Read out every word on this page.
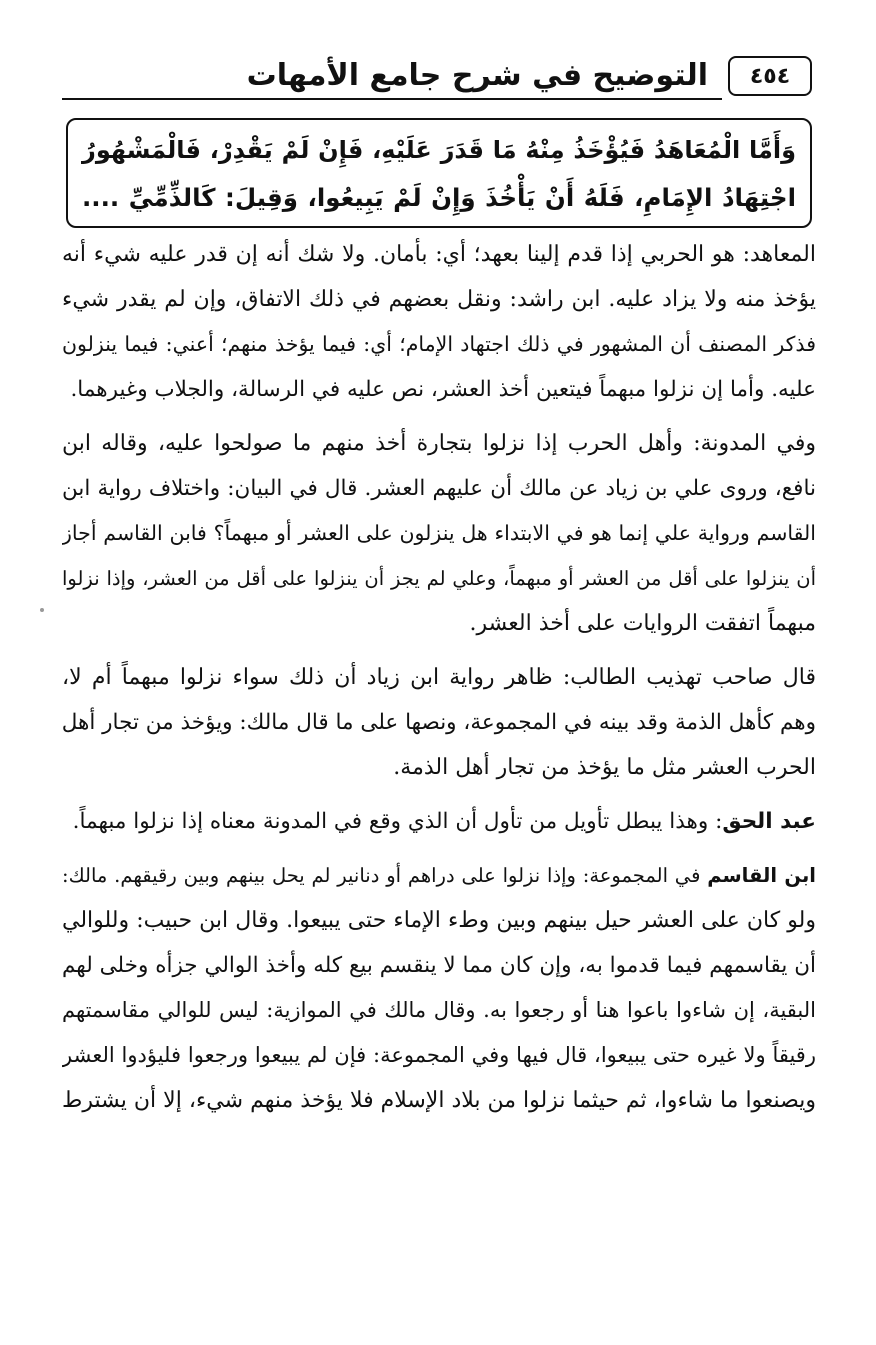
٤٥٤
التوضيح في شرح جامع الأمهات
وَأَمَّا الْمُعَاهَدُ فَيُؤْخَذُ مِنْهُ مَا قَدَرَ عَلَيْهِ، فَإِنْ لَمْ يَقْدِرْ، فَالْمَشْهُورُ
اجْتِهَادُ الإِمَامِ، فَلَهُ أَنْ يَأْخُذَ وَإِنْ لَمْ يَبِيعُوا، وَقِيلَ: كَالذِّمِّيِّ ....
المعاهد: هو الحربي إذا قدم إلينا بعهد؛ أي: بأمان. ولا شك أنه إن قدر عليه شيء أنه
يؤخذ منه ولا يزاد عليه. ابن راشد: ونقل بعضهم في ذلك الاتفاق، وإن لم يقدر شيء
فذكر المصنف أن المشهور في ذلك اجتهاد الإمام؛ أي: فيما يؤخذ منهم؛ أعني: فيما ينزلون
عليه. وأما إن نزلوا مبهماً فيتعين أخذ العشر، نص عليه في الرسالة، والجلاب وغيرهما.
وفي المدونة: وأهل الحرب إذا نزلوا بتجارة أخذ منهم ما صولحوا عليه، وقاله ابن
نافع، وروى علي بن زياد عن مالك أن عليهم العشر. قال في البيان: واختلاف رواية ابن
القاسم ورواية علي إنما هو في الابتداء هل ينزلون على العشر أو مبهماً؟ فابن القاسم أجاز
أن ينزلوا على أقل من العشر أو مبهماً، وعلي لم يجز أن ينزلوا على أقل من العشر، وإذا نزلوا
مبهماً اتفقت الروايات على أخذ العشر.
قال صاحب تهذيب الطالب: ظاهر رواية ابن زياد أن ذلك سواء نزلوا مبهماً أم لا،
وهم كأهل الذمة وقد بينه في المجموعة، ونصها على ما قال مالك: ويؤخذ من تجار أهل
الحرب العشر مثل ما يؤخذ من تجار أهل الذمة.
عبد الحق: وهذا يبطل تأويل من تأول أن الذي وقع في المدونة معناه إذا نزلوا مبهماً.
ابن القاسم في المجموعة: وإذا نزلوا على دراهم أو دنانير لم يحل بينهم وبين رقيقهم. مالك:
ولو كان على العشر حيل بينهم وبين وطء الإماء حتى يبيعوا. وقال ابن حبيب: وللوالي
أن يقاسمهم فيما قدموا به، وإن كان مما لا ينقسم بيع كله وأخذ الوالي جزأه وخلى لهم
البقية، إن شاءوا باعوا هنا أو رجعوا به. وقال مالك في الموازية: ليس للوالي مقاسمتهم
رقيقاً ولا غيره حتى يبيعوا، قال فيها وفي المجموعة: فإن لم يبيعوا ورجعوا فليؤدوا العشر
ويصنعوا ما شاءوا، ثم حيثما نزلوا من بلاد الإسلام فلا يؤخذ منهم شيء، إلا أن يشترط
